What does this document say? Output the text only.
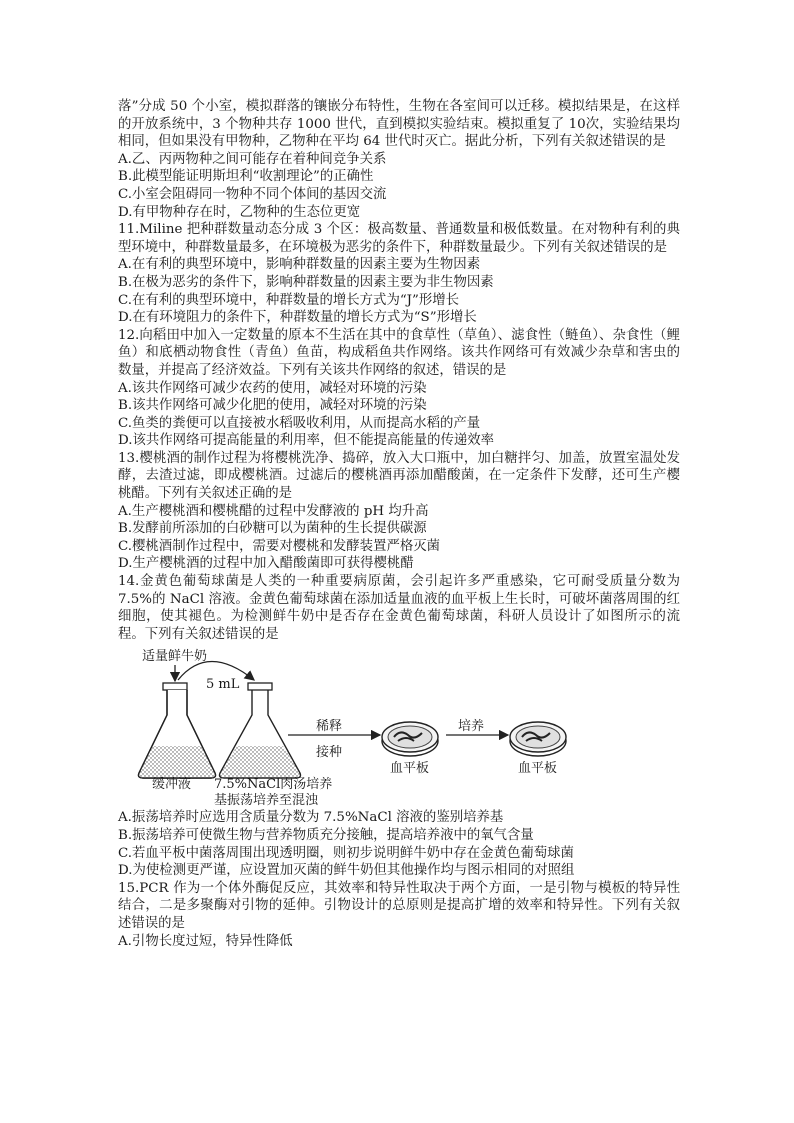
落”分成 50 个小室，模拟群落的镶嵌分布特性，生物在各室间可以迁移。模拟结果是，在这样的开放系统中，3 个物种共存 1000 世代，直到模拟实验结束。模拟重复了 10次，实验结果均相同，但如果没有甲物种，乙物种在平均 64 世代时灭亡。据此分析，下列有关叙述错误的是

A.乙、丙两物种之间可能存在着种间竞争关系

B.此模型能证明斯坦利“收割理论”的正确性

C.小室会阻碍同一物种不同个体间的基因交流

D.有甲物种存在时，乙物种的生态位更宽

11.Miline 把种群数量动态分成 3 个区：极高数量、普通数量和极低数量。在对物种有利的典型环境中，种群数量最多，在环境极为恶劣的条件下，种群数量最少。下列有关叙述错误的是

A.在有利的典型环境中，影响种群数量的因素主要为生物因素

B.在极为恶劣的条件下，影响种群数量的因素主要为非生物因素

C.在有利的典型环境中，种群数量的增长方式为“J”形增长

D.在有环境阻力的条件下，种群数量的增长方式为“S”形增长

12.向稻田中加入一定数量的原本不生活在其中的食草性（草鱼）、滤食性（鲢鱼）、杂食性（鲤鱼）和底栖动物食性（青鱼）鱼苗，构成稻鱼共作网络。该共作网络可有效减少杂草和害虫的数量，并提高了经济效益。下列有关该共作网络的叙述，错误的是

A.该共作网络可减少农药的使用，减轻对环境的污染

B.该共作网络可减少化肥的使用，减轻对环境的污染

C.鱼类的粪便可以直接被水稻吸收利用，从而提高水稻的产量

D.该共作网络可提高能量的利用率，但不能提高能量的传递效率

13.樱桃酒的制作过程为将樱桃洗净、捣碎，放入大口瓶中，加白糖拌匀、加盖，放置室温处发酵，去渣过滤，即成樱桃酒。过滤后的樱桃酒再添加醋酸菌，在一定条件下发酵，还可生产樱桃醋。下列有关叙述正确的是

A.生产樱桃酒和樱桃醋的过程中发酵液的 pH 均升高

B.发酵前所添加的白砂糖可以为菌种的生长提供碳源

C.樱桃酒制作过程中，需要对樱桃和发酵装置严格灭菌

D.生产樱桃酒的过程中加入醋酸菌即可获得樱桃醋

14.金黄色葡萄球菌是人类的一种重要病原菌，会引起许多严重感染，它可耐受质量分数为 7.5%的 NaCl 溶液。金黄色葡萄球菌在添加适量血液的血平板上生长时，可破坏菌落周围的红细胞，使其褪色。为检测鲜牛奶中是否存在金黄色葡萄球菌，科研人员设计了如图所示的流程。下列有关叙述错误的是

适量鲜牛奶
5 mL
稀释
接种
培养
缓冲液 7.5%NaCl肉汤培养
基振荡培养至混浊
血平板	血平板

A.振荡培养时应选用含质量分数为 7.5%NaCl 溶液的鉴别培养基

B.振荡培养可使微生物与营养物质充分接触，提高培养液中的氧气含量

C.若血平板中菌落周围出现透明圈，则初步说明鲜牛奶中存在金黄色葡萄球菌

D.为使检测更严谨，应设置加灭菌的鲜牛奶但其他操作均与图示相同的对照组

15.PCR 作为一个体外酶促反应，其效率和特异性取决于两个方面，一是引物与模板的特异性结合，二是多聚酶对引物的延伸。引物设计的总原则是提高扩增的效率和特异性。下列有关叙述错误的是

A.引物长度过短，特异性降低
